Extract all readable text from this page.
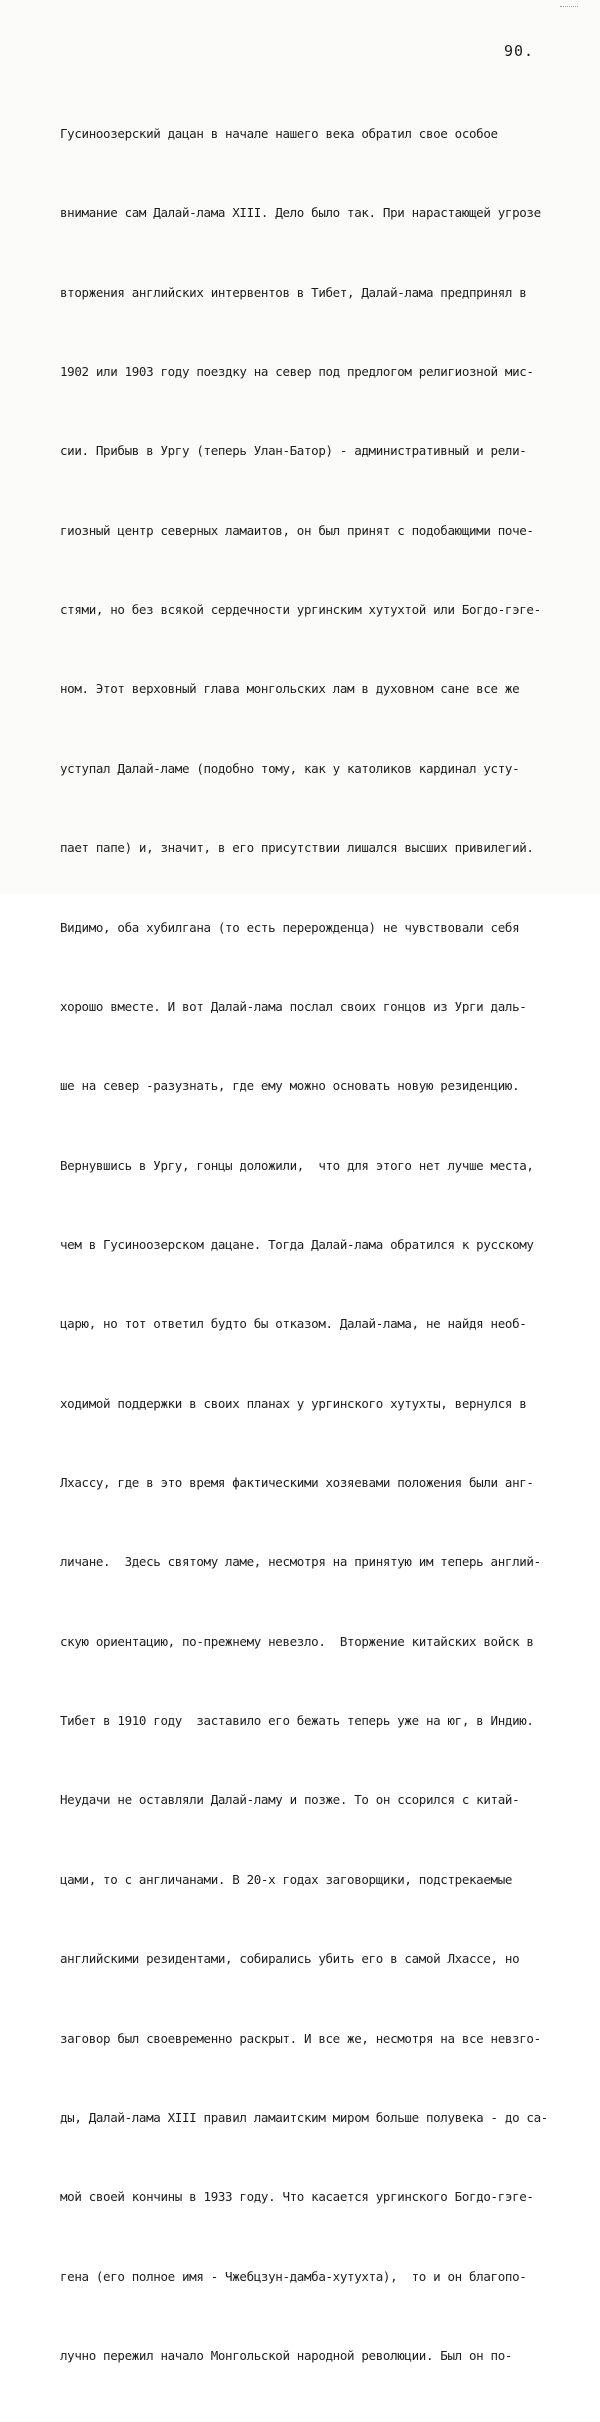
90.

Гусиноозерский дацан в начале нашего века обратил свое особое

внимание сам Далай-лама XIII. Дело было так. При нарастающей угрозе

вторжения английских интервентов в Тибет, Далай-лама предпринял в

1902 или 1903 году поездку на север под предлогом религиозной мис-

сии. Прибыв в Ургу (теперь Улан-Батор) - административный и рели-

гиозный центр северных ламаитов, он был принят с подобающими поче-

стями, но без всякой сердечности ургинским хутухтой или Богдо-гэге-

ном. Этот верховный глава монгольских лам в духовном сане все же

уступал Далай-ламе (подобно тому, как у католиков кардинал усту-

пает папе) и, значит, в его присутствии лишался высших привилегий.

Видимо, оба хубилгана (то есть перерожденца) не чувствовали себя

хорошо вместе. И вот Далай-лама послал своих гонцов из Урги даль-

ше на север -разузнать, где ему можно основать новую резиденцию.

Вернувшись в Ургу, гонцы доложили,  что для этого нет лучше места,

чем в Гусиноозерском дацане. Тогда Далай-лама обратился к русскому

царю, но тот ответил будто бы отказом. Далай-лама, не найдя необ-

ходимой поддержки в своих планах у ургинского хутухты, вернулся в

Лхассу, где в это время фактическими хозяевами положения были анг-

личане.  Здесь святому ламе, несмотря на принятую им теперь англий-

скую ориентацию, по-прежнему невезло.  Вторжение китайских войск в

Тибет в 1910 году  заставило его бежать теперь уже на юг, в Индию.

Неудачи не оставляли Далай-ламу и позже. То он ссорился с китай-

цами, то с англичанами. В 20-х годах заговорщики, подстрекаемые

английскими резидентами, собирались убить его в самой Лхассе, но

заговор был своевременно раскрыт. И все же, несмотря на все невзго-

ды, Далай-лама XIII правил ламаитским миром больше полувека - до са-

мой своей кончины в 1933 году. Что касается ургинского Богдо-гэге-

гена (его полное имя - Чжебцзун-дамба-хутухта),  то и он благопо-

лучно пережил начало Монгольской народной революции. Был он по-
